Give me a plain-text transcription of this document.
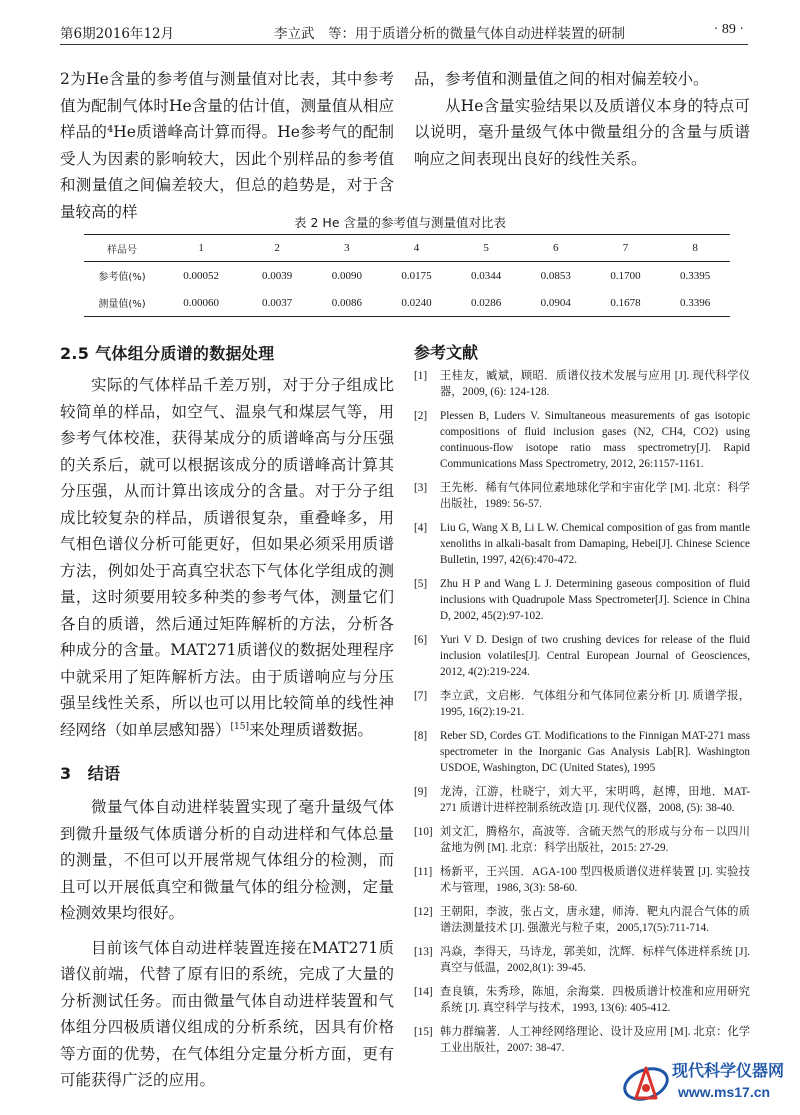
第6期2016年12月	李立武　等：用于质谱分析的微量气体自动进样装置的研制	· 89 ·

2为He含量的参考值与测量值对比表，其中参考值为配制气体时He含量的估计值，测量值从相应样品的⁴He质谱峰高计算而得。He参考气的配制受人为因素的影响较大，因此个别样品的参考值和测量值之间偏差较大，但总的趋势是，对于含量较高的样

品，参考值和测量值之间的相对偏差较小。

从He含量实验结果以及质谱仪本身的特点可以说明，毫升量级气体中微量组分的含量与质谱响应之间表现出良好的线性关系。

表 2 He 含量的参考值与测量值对比表
样品号	1	2	3	4	5	6	7	8
参考值(%)	0.00052	0.0039	0.0090	0.0175	0.0344	0.0853	0.1700	0.3395
测量值(%)	0.00060	0.0037	0.0086	0.0240	0.0286	0.0904	0.1678	0.3396
2.5 气体组分质谱的数据处理

实际的气体样品千差万别，对于分子组成比较简单的样品，如空气、温泉气和煤层气等，用参考气体校准，获得某成分的质谱峰高与分压强的关系后，就可以根据该成分的质谱峰高计算其分压强，从而计算出该成分的含量。对于分子组成比较复杂的样品，质谱很复杂，重叠峰多，用气相色谱仪分析可能更好，但如果必须采用质谱方法，例如处于高真空状态下气体化学组成的测量，这时须要用较多种类的参考气体，测量它们各自的质谱，然后通过矩阵解析的方法，分析各种成分的含量。MAT271质谱仪的数据处理程序中就采用了矩阵解析方法。由于质谱响应与分压强呈线性关系，所以也可以用比较简单的线性神经网络（如单层感知器）[15]来处理质谱数据。

3　结语

微量气体自动进样装置实现了毫升量级气体到微升量级气体质谱分析的自动进样和气体总量的测量，不但可以开展常规气体组分的检测，而且可以开展低真空和微量气体的组分检测，定量检测效果均很好。

目前该气体自动进样装置连接在MAT271质谱仪前端，代替了原有旧的系统，完成了大量的分析测试任务。而由微量气体自动进样装置和气体组分四极质谱仪组成的分析系统，因具有价格等方面的优势，在气体组分定量分析方面，更有可能获得广泛的应用。

参考文献
[1] 王桂友，臧斌，顾昭．质谱仪技术发展与应用 [J]. 现代科学仪器，2009, (6): 124-128.
[2] Plessen B, Luders V. Simultaneous measurements of gas isotopic compositions of fluid inclusion gases (N2, CH4, CO2) using continuous-flow isotope ratio mass spectrometry[J]. Rapid Communications Mass Spectrometry, 2012, 26:1157-1161.
[3] 王先彬．稀有气体同位素地球化学和宇宙化学 [M]. 北京：科学出版社，1989: 56-57.
[4] Liu G, Wang X B, Li L W. Chemical composition of gas from mantle xenoliths in alkali-basalt from Damaping, Hebei[J]. Chinese Science Bulletin, 1997, 42(6):470-472.
[5] Zhu H P and Wang L J. Determining gaseous composition of fluid inclusions with Quadrupole Mass Spectrometer[J]. Science in China D, 2002, 45(2):97-102.
[6] Yuri V D. Design of two crushing devices for release of the fluid inclusion volatiles[J]. Central European Journal of Geosciences, 2012, 4(2):219-224.
[7] 李立武，文启彬．气体组分和气体同位素分析 [J]. 质谱学报，1995, 16(2):19-21.
[8] Reber SD, Cordes GT. Modifications to the Finnigan MAT-271 mass spectrometer in the Inorganic Gas Analysis Lab[R]. Washington USDOE, Washington, DC (United States), 1995
[9] 龙涛，江游，杜晓宁，刘大平，宋明鸣，赵博，田地．MAT-271 质谱计进样控制系统改造 [J]. 现代仪器，2008, (5): 38-40.
[10] 刘文汇，腾格尔，高波等．含硫天然气的形成与分布－以四川盆地为例 [M]. 北京：科学出版社，2015: 27-29.
[11] 杨新平，王兴国．AGA-100 型四极质谱仪进样装置 [J]. 实验技术与管理，1986, 3(3): 58-60.
[12] 王朝阳，李波，张占文，唐永建，师涛．靶丸内混合气体的质谱法测量技术 [J]. 强激光与粒子束，2005,17(5):711-714.
[13] 冯焱，李得天，马诗龙，郭美如，沈辉．标样气体进样系统 [J]. 真空与低温，2002,8(1): 39-45.
[14] 查良镇，朱秀珍，陈旭，余海棠．四极质谱计校准和应用研究系统 [J]. 真空科学与技术，1993, 13(6): 405-412.
[15] 韩力群编著．人工神经网络理论、设计及应用 [M]. 北京：化学工业出版社，2007: 38-47.
现代科学仪器网
www.ms17.cn
